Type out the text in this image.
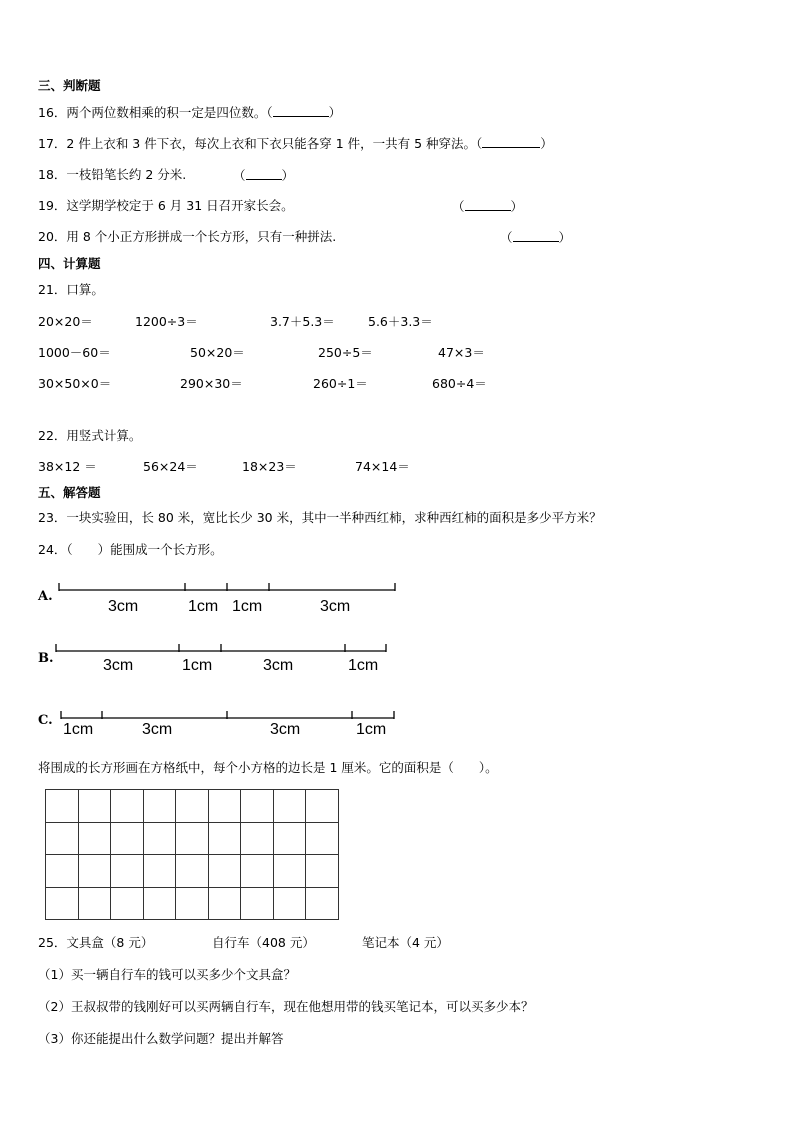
三、判断题
16．两个两位数相乘的积一定是四位数。（	）
17．2 件上衣和 3 件下衣，每次上衣和下衣只能各穿 1 件，一共有 5 种穿法。（	）
18．一枝铅笔长约 2 分米.	（	）
19．这学期学校定于 6 月 31 日召开家长会。	（	）
20．用 8 个小正方形拼成一个长方形，只有一种拼法.	（	）
四、计算题
21．口算。
20×20＝	1200÷3＝	3.7＋5.3＝	5.6＋3.3＝
1000－60＝	50×20＝	250÷5＝	47×3＝
30×50×0＝	290×30＝	260÷1＝	680÷4＝
22．用竖式计算。
38×12 ＝	56×24＝	18×23＝	74×14＝
五、解答题
23．一块实验田，长 80 米，宽比长少 30 米，其中一半种西红柿，求种西红柿的面积是多少平方米？
24．（　　）能围成一个长方形。
A.
3cm	1cm 1cm	3cm
B.	3cm	1cm	3cm	1cm
C.
1cm	3cm	3cm	1cm
将围成的长方形画在方格纸中，每个小方格的边长是 1 厘米。它的面积是（　　）。

25．文具盒（8 元）	自行车（408 元）	笔记本（4 元）
（1）买一辆自行车的钱可以买多少个文具盒？
（2）王叔叔带的钱刚好可以买两辆自行车，现在他想用带的钱买笔记本，可以买多少本？
（3）你还能提出什么数学问题？提出并解答
